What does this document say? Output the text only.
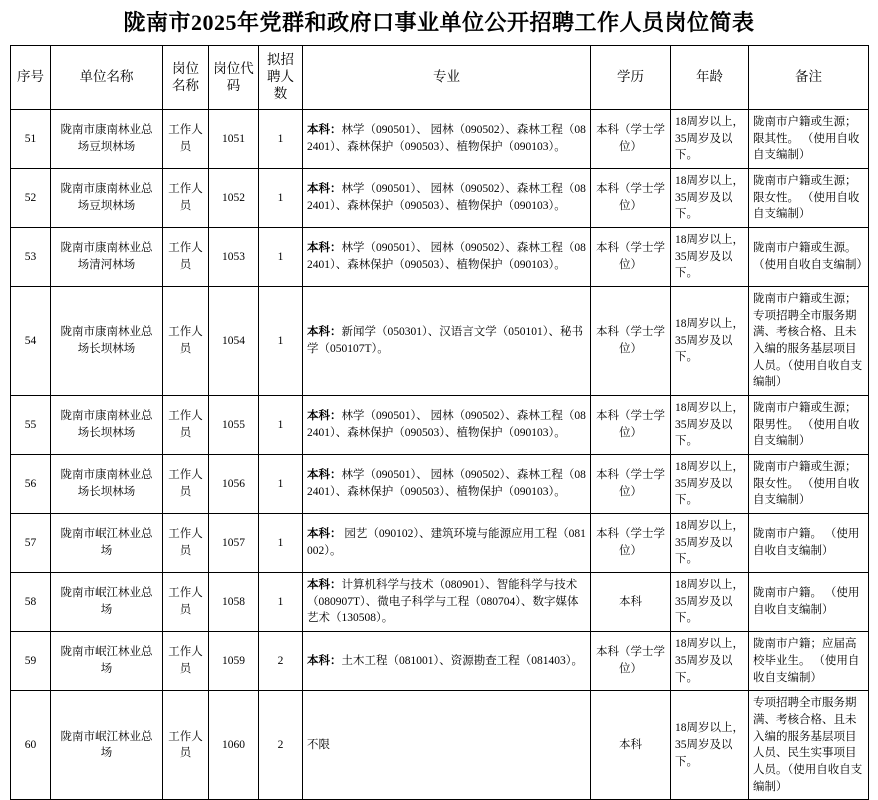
陇南市2025年党群和政府口事业单位公开招聘工作人员岗位简表
序号	单位名称	岗位名称	岗位代码	拟招聘人数	专业	学历	年龄	备注
51	陇南市康南林业总场豆坝林场	工作人员	1051	1	本科：林学（090501）、 园林（090502）、森林工程（082401）、森林保护（090503）、植物保护（090103）。	本科（学士学位）	18周岁以上，35周岁及以下。	陇南市户籍或生源；限其性。 （使用自收自支编制）
52	陇南市康南林业总场豆坝林场	工作人员	1052	1	本科：林学（090501）、 园林（090502）、森林工程（082401）、森林保护（090503）、植物保护（090103）。	本科（学士学位）	18周岁以上，35周岁及以下。	陇南市户籍或生源；限女性。 （使用自收自支编制）
53	陇南市康南林业总场清河林场	工作人员	1053	1	本科：林学（090501）、 园林（090502）、森林工程（082401）、森林保护（090503）、植物保护（090103）。	本科（学士学位）	18周岁以上，35周岁及以下。	陇南市户籍或生源。 （使用自收自支编制）
54	陇南市康南林业总场长坝林场	工作人员	1054	1	本科：新闻学（050301）、汉语言文学（050101）、秘书学（050107T）。	本科（学士学位）	18周岁以上，35周岁及以下。	陇南市户籍或生源；专项招聘全市服务期满、考核合格、且未入编的服务基层项目人员。（使用自收自支编制）
55	陇南市康南林业总场长坝林场	工作人员	1055	1	本科：林学（090501）、 园林（090502）、森林工程（082401）、森林保护（090503）、植物保护（090103）。	本科（学士学位）	18周岁以上，35周岁及以下。	陇南市户籍或生源；限男性。 （使用自收自支编制）
56	陇南市康南林业总场长坝林场	工作人员	1056	1	本科：林学（090501）、 园林（090502）、森林工程（082401）、森林保护（090503）、植物保护（090103）。	本科（学士学位）	18周岁以上，35周岁及以下。	陇南市户籍或生源；限女性。 （使用自收自支编制）
57	陇南市岷江林业总场	工作人员	1057	1	本科： 园艺（090102）、建筑环境与能源应用工程（081002）。	本科（学士学位）	18周岁以上，35周岁及以下。	陇南市户籍。 （使用自收自支编制）
58	陇南市岷江林业总场	工作人员	1058	1	本科：计算机科学与技术（080901）、智能科学与技术（080907T）、微电子科学与工程（080704）、数字媒体艺术（130508）。	本科	18周岁以上，35周岁及以下。	陇南市户籍。 （使用自收自支编制）
59	陇南市岷江林业总场	工作人员	1059	2	本科：土木工程（081001）、资源勘查工程（081403）。	本科（学士学位）	18周岁以上，35周岁及以下。	陇南市户籍；应届高校毕业生。 （使用自收自支编制）
60	陇南市岷江林业总场	工作人员	1060	2	不限	本科	18周岁以上，35周岁及以下。	专项招聘全市服务期满、考核合格、且未入编的服务基层项目人员、民生实事项目人员。（使用自收自支编制）
